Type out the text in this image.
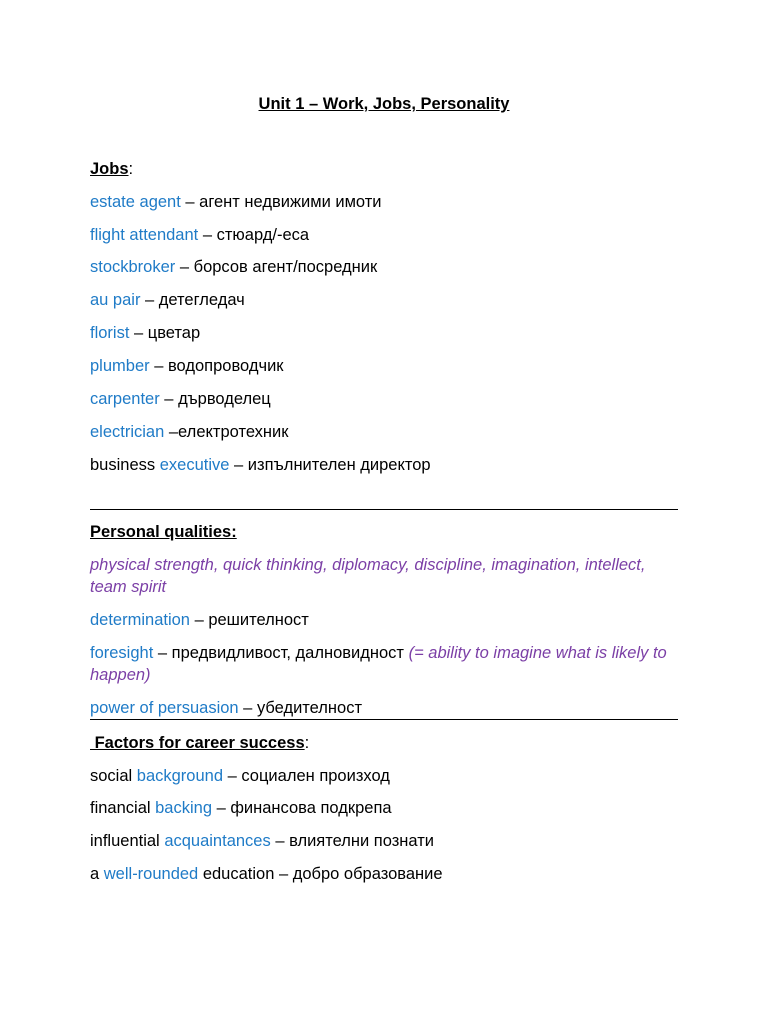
Unit 1 – Work, Jobs, Personality
Jobs:
estate agent – агент недвижими имоти
flight attendant – стюард/-еса
stockbroker – борсов агент/посредник
au pair – детегледач
florist – цветар
plumber – водопроводчик
carpenter – дърводелец
electrician –електротехник
business executive – изпълнителен директор
Personal qualities:
physical strength, quick thinking, diplomacy, discipline, imagination, intellect, team spirit
determination – решителност
foresight – предвидливост, далновидност (= ability to imagine what is likely to happen)
power of persuasion – убедителност
Factors for career success:
social background – социален произход
financial backing – финансова подкрепа
influential acquaintances – влиятелни познати
a well-rounded education – добро образование
